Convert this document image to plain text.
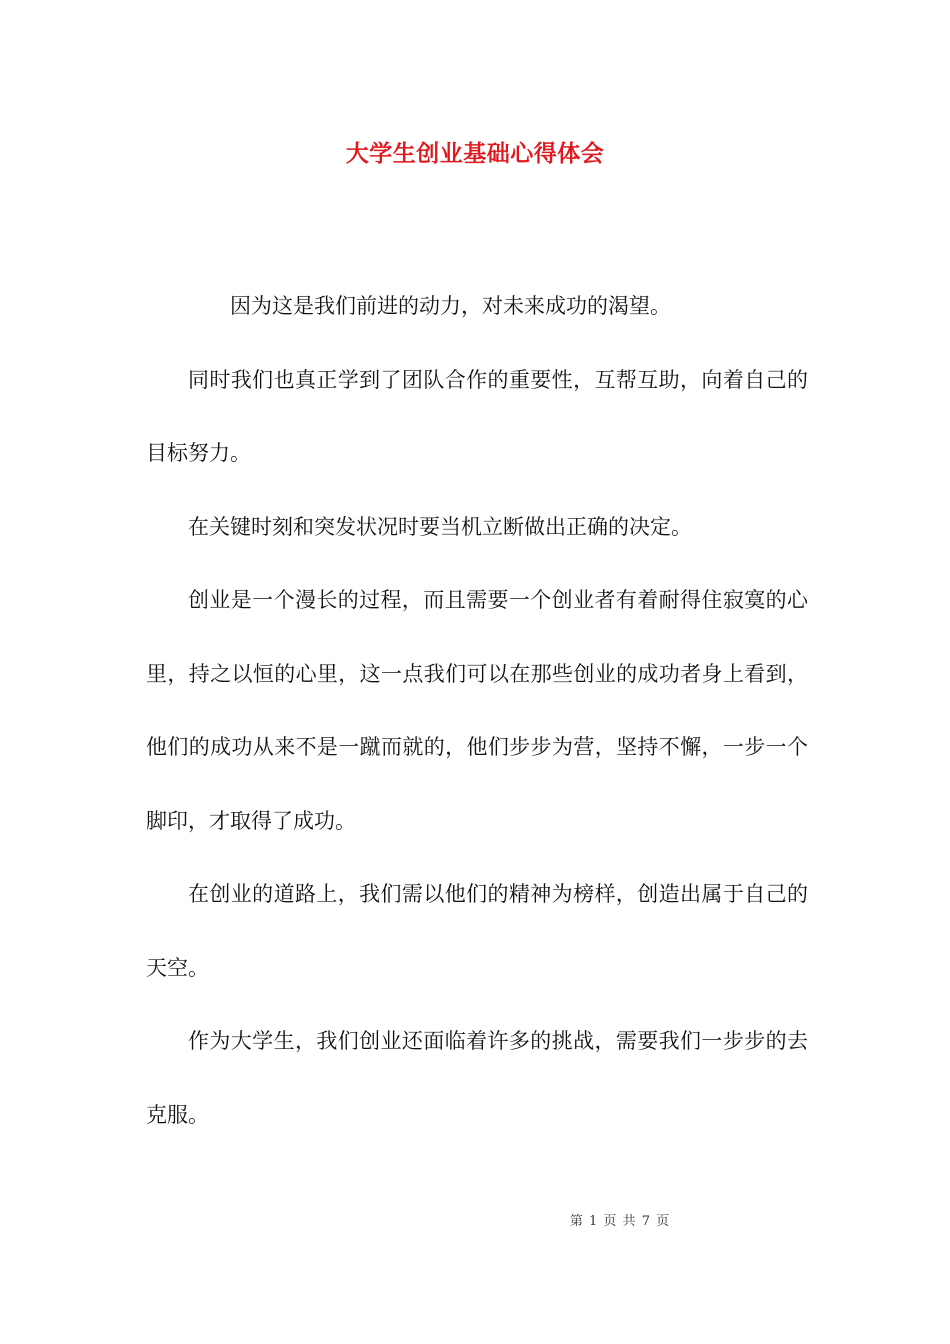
大学生创业基础心得体会

因为这是我们前进的动力，对未来成功的渴望。

同时我们也真正学到了团队合作的重要性，互帮互助，向着自己的目标努力。

在关键时刻和突发状况时要当机立断做出正确的决定。

创业是一个漫长的过程，而且需要一个创业者有着耐得住寂寞的心里，持之以恒的心里，这一点我们可以在那些创业的成功者身上看到，他们的成功从来不是一蹴而就的，他们步步为营，坚持不懈，一步一个脚印，才取得了成功。

在创业的道路上，我们需以他们的精神为榜样，创造出属于自己的天空。

作为大学生，我们创业还面临着许多的挑战，需要我们一步步的去克服。

第 1 页 共 7 页
